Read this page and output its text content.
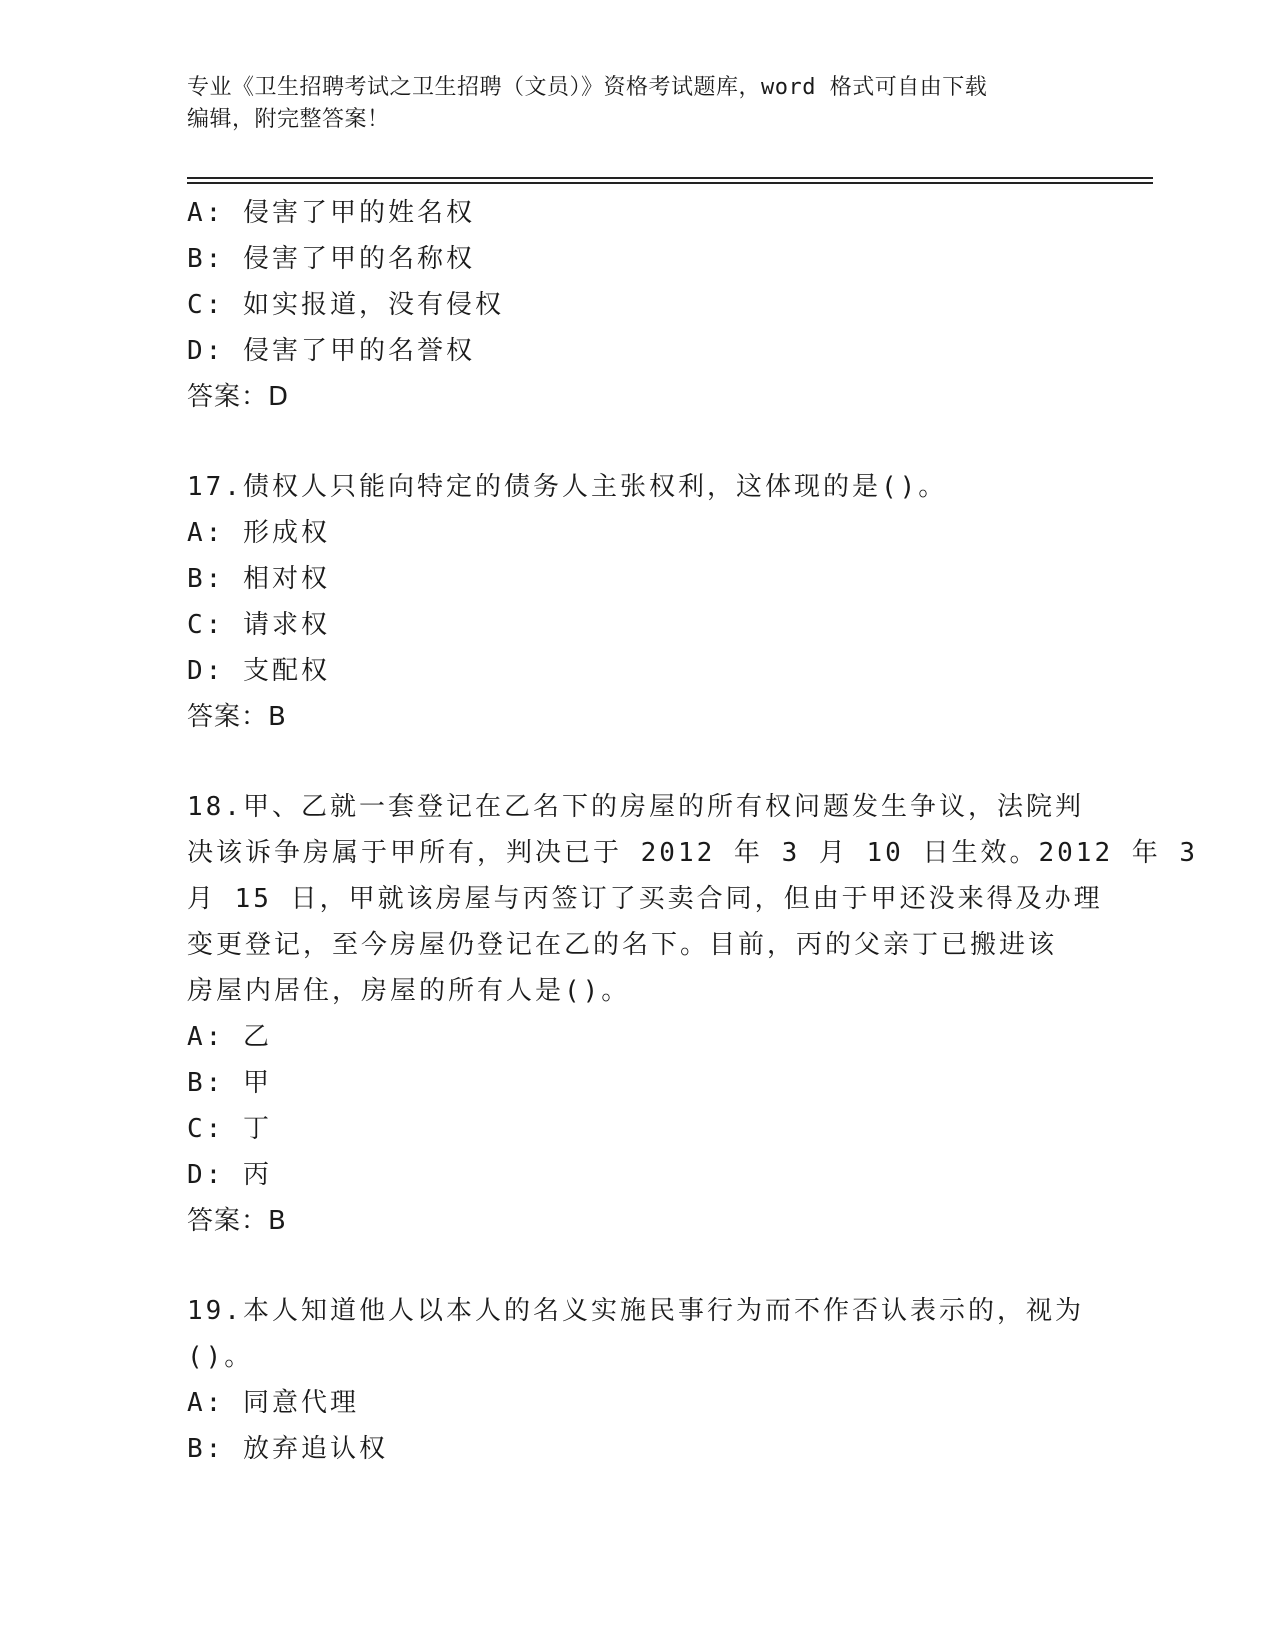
专业《卫生招聘考试之卫生招聘（文员）》资格考试题库，word 格式可自由下载
编辑，附完整答案！
A: 侵害了甲的姓名权
B: 侵害了甲的名称权
C: 如实报道，没有侵权
D: 侵害了甲的名誉权
答案：D
17.债权人只能向特定的债务人主张权利，这体现的是()。
A: 形成权
B: 相对权
C: 请求权
D: 支配权
答案：B
18.甲、乙就一套登记在乙名下的房屋的所有权问题发生争议，法院判
决该诉争房属于甲所有，判决已于 2012 年 3 月 10 日生效。2012 年 3
月 15 日，甲就该房屋与丙签订了买卖合同，但由于甲还没来得及办理
变更登记，至今房屋仍登记在乙的名下。目前，丙的父亲丁已搬进该
房屋内居住，房屋的所有人是()。
A: 乙
B: 甲
C: 丁
D: 丙
答案：B
19.本人知道他人以本人的名义实施民事行为而不作否认表示的，视为
()。
A: 同意代理
B: 放弃追认权
